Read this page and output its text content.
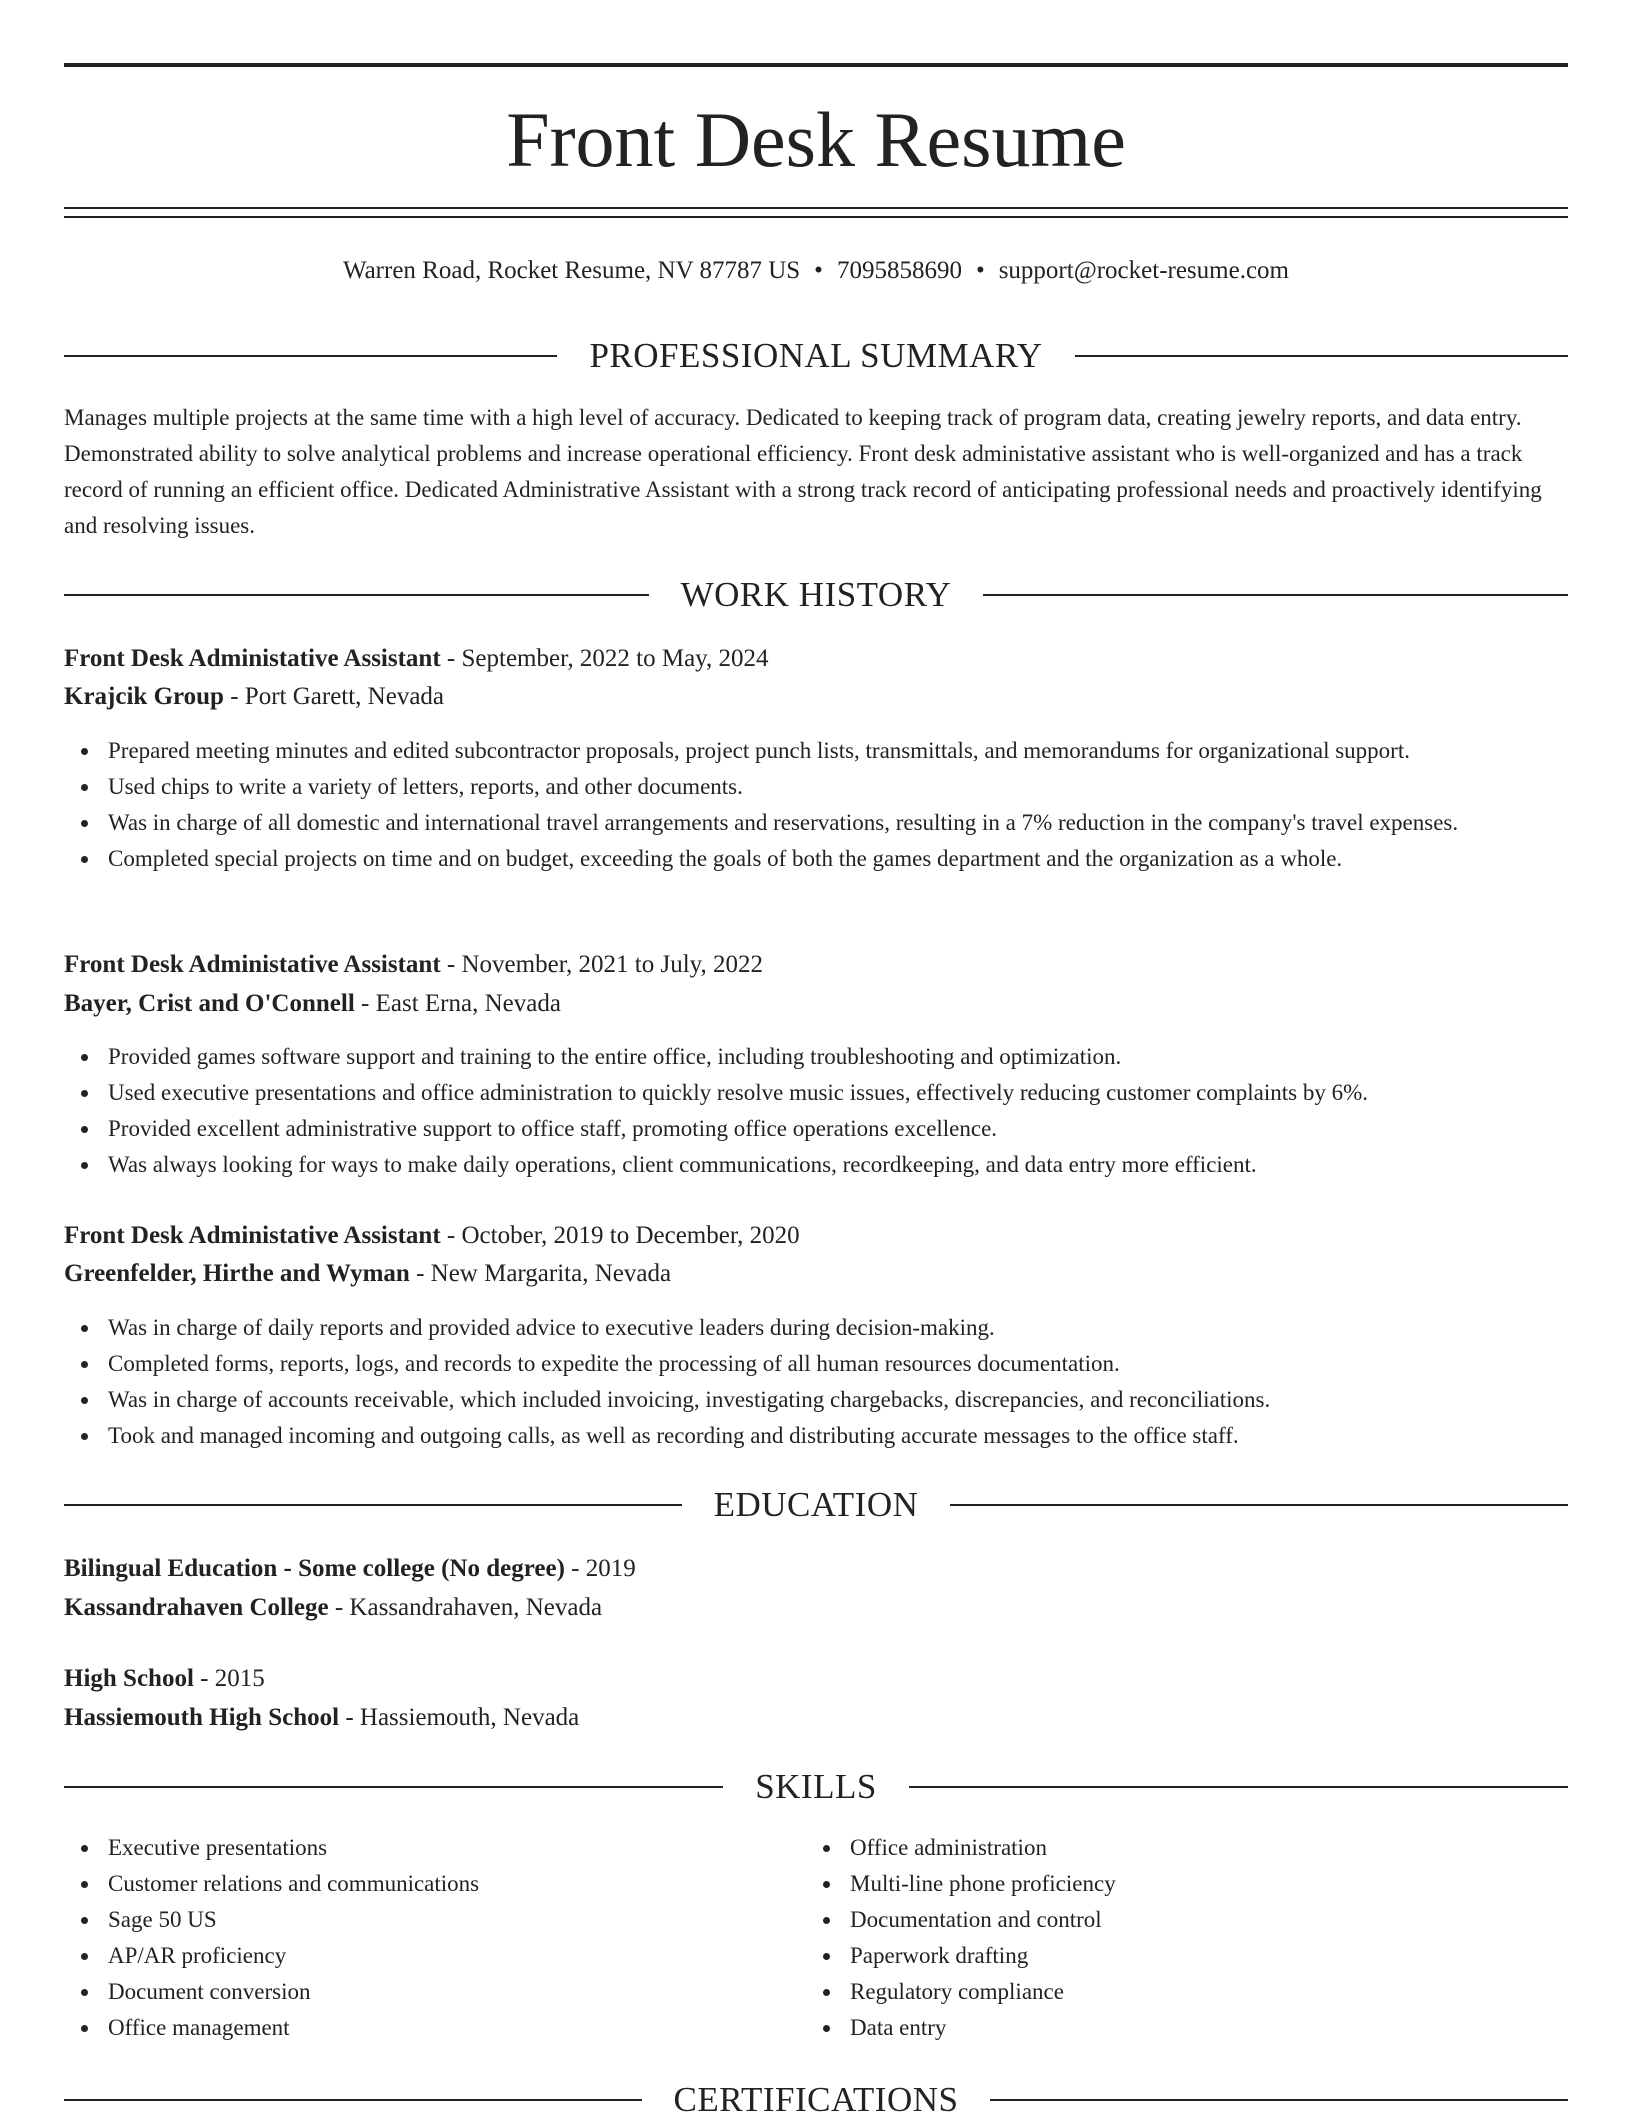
Front Desk Resume
Warren Road, Rocket Resume, NV 87787 US • 7095858690 • support@rocket-resume.com
PROFESSIONAL SUMMARY

Manages multiple projects at the same time with a high level of accuracy. Dedicated to keeping track of program data, creating jewelry reports, and data entry. Demonstrated ability to solve analytical problems and increase operational efficiency. Front desk administative assistant who is well-organized and has a track record of running an efficient office. Dedicated Administrative Assistant with a strong track record of anticipating professional needs and proactively identifying and resolving issues.

WORK HISTORY
Front Desk Administative Assistant - September, 2022 to May, 2024
Krajcik Group - Port Garett, Nevada
Prepared meeting minutes and edited subcontractor proposals, project punch lists, transmittals, and memorandums for organizational support.
Used chips to write a variety of letters, reports, and other documents.
Was in charge of all domestic and international travel arrangements and reservations, resulting in a 7% reduction in the company's travel expenses.
Completed special projects on time and on budget, exceeding the goals of both the games department and the organization as a whole.
Front Desk Administative Assistant - November, 2021 to July, 2022
Bayer, Crist and O'Connell - East Erna, Nevada
Provided games software support and training to the entire office, including troubleshooting and optimization.
Used executive presentations and office administration to quickly resolve music issues, effectively reducing customer complaints by 6%.
Provided excellent administrative support to office staff, promoting office operations excellence.
Was always looking for ways to make daily operations, client communications, recordkeeping, and data entry more efficient.
Front Desk Administative Assistant - October, 2019 to December, 2020
Greenfelder, Hirthe and Wyman - New Margarita, Nevada
Was in charge of daily reports and provided advice to executive leaders during decision-making.
Completed forms, reports, logs, and records to expedite the processing of all human resources documentation.
Was in charge of accounts receivable, which included invoicing, investigating chargebacks, discrepancies, and reconciliations.
Took and managed incoming and outgoing calls, as well as recording and distributing accurate messages to the office staff.
EDUCATION
Bilingual Education - Some college (No degree) - 2019
Kassandrahaven College - Kassandrahaven, Nevada
High School - 2015
Hassiemouth High School - Hassiemouth, Nevada
SKILLS
Executive presentations
Customer relations and communications
Sage 50 US
AP/AR proficiency
Document conversion
Office management
Office administration
Multi-line phone proficiency
Documentation and control
Paperwork drafting
Regulatory compliance
Data entry
CERTIFICATIONS
